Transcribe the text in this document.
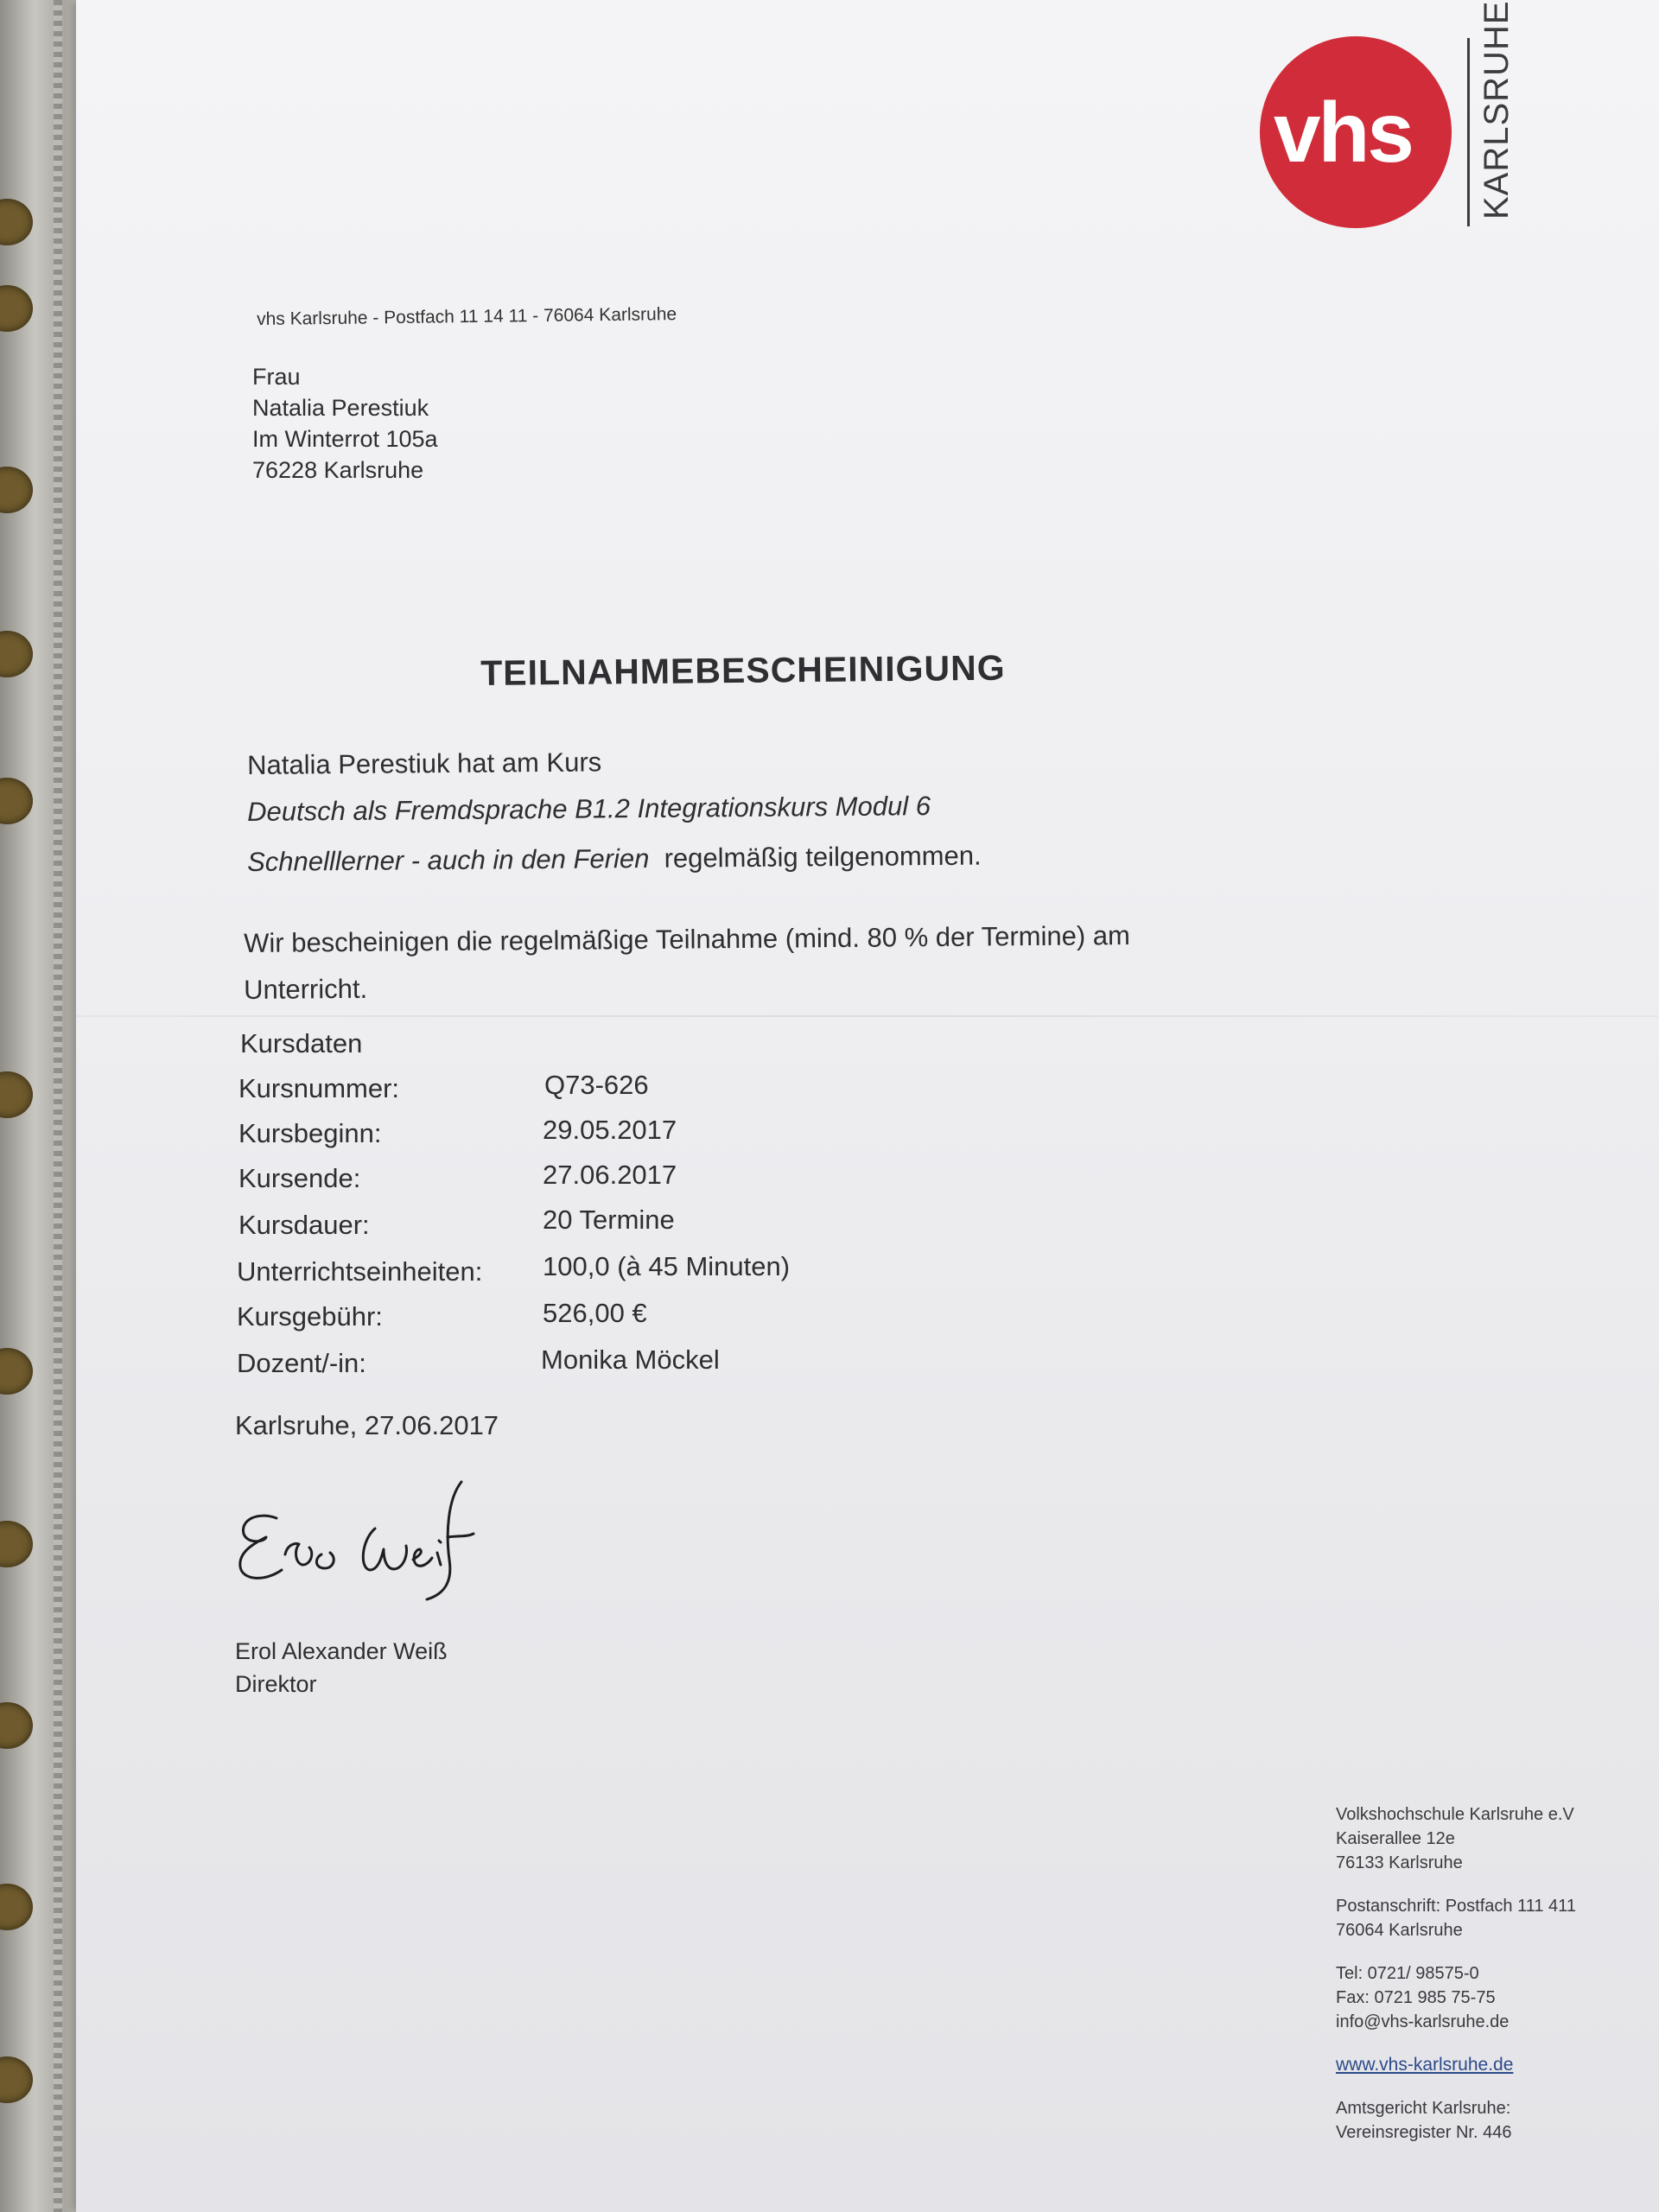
vhs KARLSRUHE
vhs Karlsruhe - Postfach 11 14 11 - 76064 Karlsruhe
Frau
Natalia Perestiuk
Im Winterrot 105a
76228 Karlsruhe
TEILNAHMEBESCHEINIGUNG
Natalia Perestiuk hat am Kurs
Deutsch als Fremdsprache B1.2 Integrationskurs Modul 6
Schnelllerner - auch in den Ferien regelmäßig teilgenommen.
Wir bescheinigen die regelmäßige Teilnahme (mind. 80 % der Termine) am
Unterricht.
Kursdaten
Kursnummer:	Q73-626
Kursbeginn:	29.05.2017
Kursende:	27.06.2017
Kursdauer:	20 Termine
Unterrichtseinheiten: 100,0 (à 45 Minuten)
Kursgebühr:	526,00 €
Dozent/-in:	Monika Möckel
Karlsruhe, 27.06.2017
Erol Alexander Weiß
Direktor
Volkshochschule Karlsruhe e.V
Kaiserallee 12e
76133 Karlsruhe
Postanschrift: Postfach 111 411
76064 Karlsruhe
Tel: 0721/ 98575-0
Fax: 0721 985 75-75
info@vhs-karlsruhe.de
www.vhs-karlsruhe.de
Amtsgericht Karlsruhe:
Vereinsregister Nr. 446
